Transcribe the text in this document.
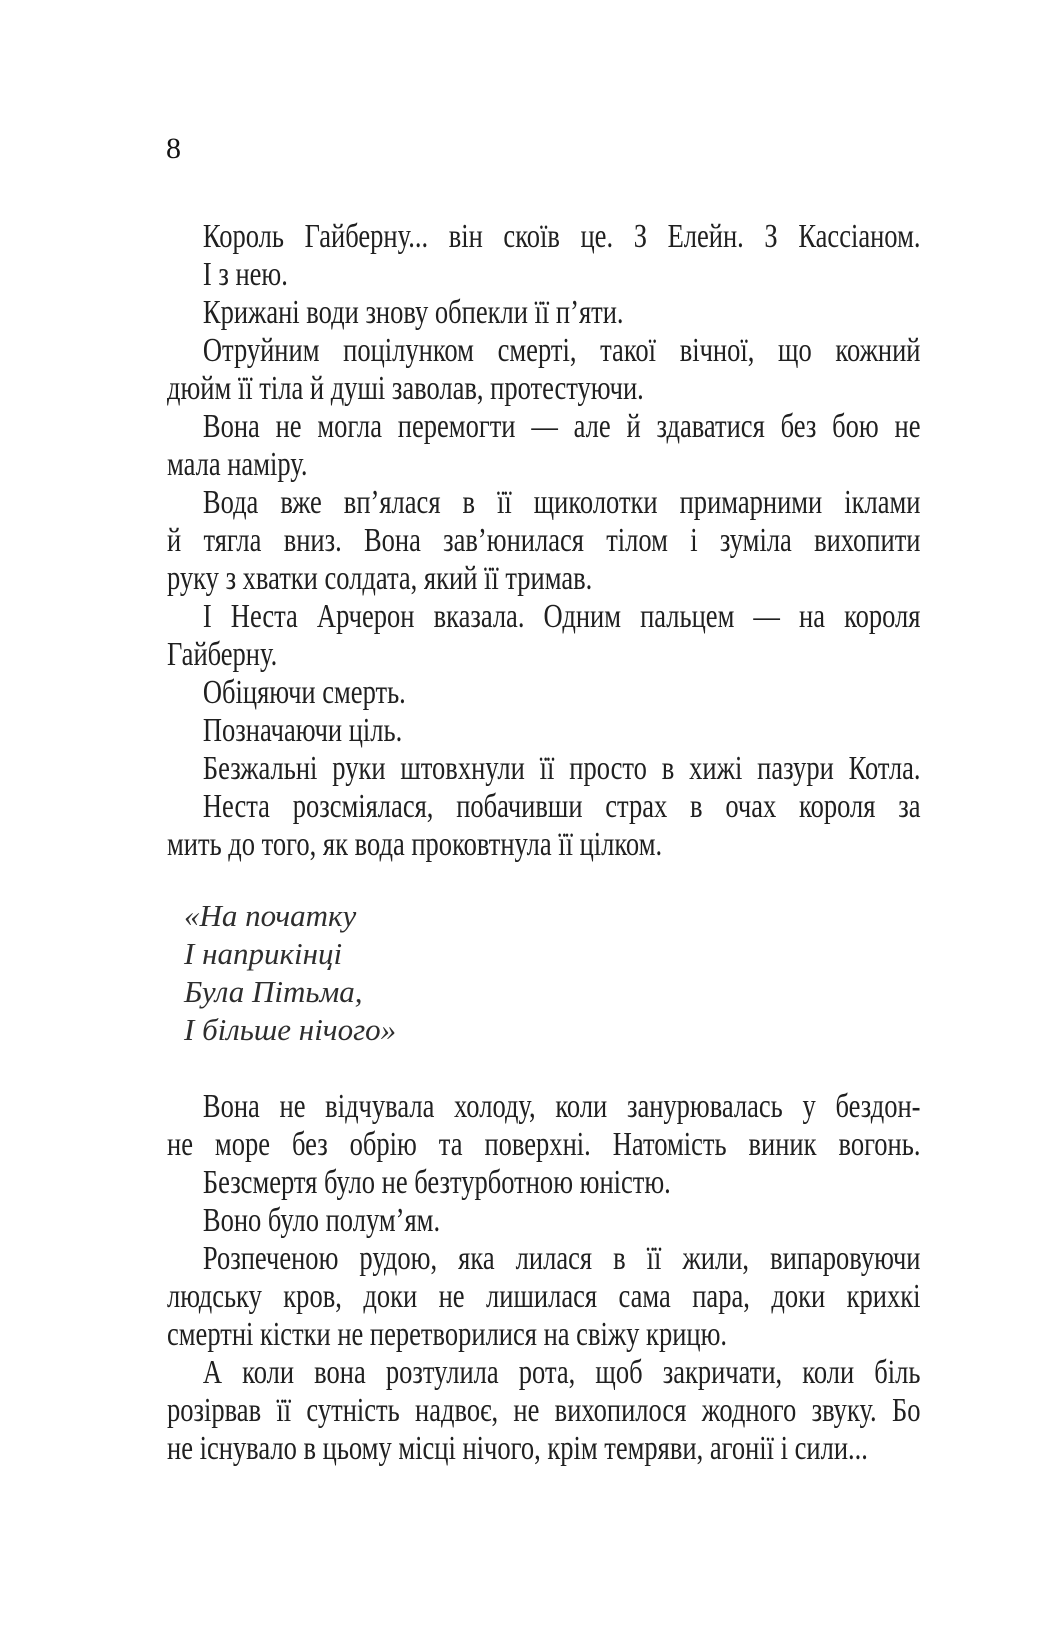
8
Король Гайберну... він скоїв це. З Елейн. З Кассіаном.
І з нею.
Крижані води знову обпекли її п’яти.
Отруйним поцілунком смерті, такої вічної, що кожний
дюйм її тіла й душі заволав, протестуючи.
Вона не могла перемогти — але й здаватися без бою не
мала наміру.
Вода вже вп’ялася в її щиколотки примарними іклами
й тягла вниз. Вона зав’юнилася тілом і зуміла вихопити
руку з хватки солдата, який її тримав.
І Неста Арчерон вказала. Одним пальцем — на короля
Гайберну.
Обіцяючи смерть.
Позначаючи ціль.
Безжальні руки штовхнули її просто в хижі пазури Котла.
Неста розсміялася, побачивши страх в очах короля за
мить до того, як вода проковтнула її цілком.
«На початку
І наприкінці
Була Пітьма,
І більше нічого»
Вона не відчувала холоду, коли занурювалась у бездон-
не море без обрію та поверхні. Натомість виник вогонь.
Безсмертя було не безтурботною юністю.
Воно було полум’ям.
Розпеченою рудою, яка лилася в її жили, випаровуючи
людську кров, доки не лишилася сама пара, доки крихкі
смертні кістки не перетворилися на свіжу крицю.
А коли вона розтулила рота, щоб закричати, коли біль
розірвав її сутність надвоє, не вихопилося жодного звуку. Бо
не існувало в цьому місці нічого, крім темряви, агонії і сили...
